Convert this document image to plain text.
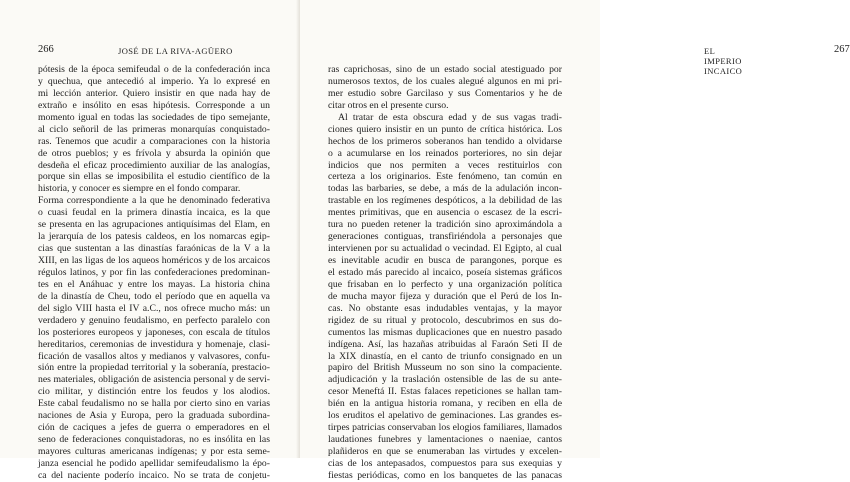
266	JOSÉ DE LA RIVA-AGÜERO
pótesis de la época semifeudal o de la confederación inca
y quechua, que antecedió al imperio. Ya lo expresé en
mi lección anterior. Quiero insistir en que nada hay de
extraño e insólito en esas hipótesis. Corresponde a un
momento igual en todas las sociedades de tipo semejante,
al ciclo señoril de las primeras monarquías conquistado-
ras. Tenemos que acudir a comparaciones con la historia
de otros pueblos; y es frívola y absurda la opinión que
desdeña el eficaz procedimiento auxiliar de las analogías,
porque sin ellas se imposibilita el estudio científico de la
historia, y conocer es siempre en el fondo comparar.
Forma correspondiente a la que he denominado federativa
o cuasi feudal en la primera dinastía incaica, es la que
se presenta en las agrupaciones antiquísimas del Elam, en
la jerarquía de los patesis caldeos, en los nomarcas egip-
cias que sustentan a las dinastías faraónicas de la V a la
XIII, en las ligas de los aqueos homéricos y de los arcaicos
régulos latinos, y por fin las confederaciones predominan-
tes en el Anáhuac y entre los mayas. La historia china
de la dinastía de Cheu, todo el período que en aquella va
del siglo VIII hasta el IV a.C., nos ofrece mucho más: un
verdadero y genuino feudalismo, en perfecto paralelo con
los posteriores europeos y japoneses, con escala de títulos
hereditarios, ceremonias de investidura y homenaje, clasi-
ficación de vasallos altos y medianos y valvasores, confu-
sión entre la propiedad territorial y la soberanía, prestacio-
nes materiales, obligación de asistencia personal y de servi-
cio militar, y distinción entre los feudos y los alodios.
Este cabal feudalismo no se halla por cierto sino en varias
naciones de Asia y Europa, pero la graduada subordina-
ción de caciques a jefes de guerra o emperadores en el
seno de federaciones conquistadoras, no es insólita en las
mayores culturas americanas indígenas; y por esta seme-
janza esencial he podido apellidar semifeudalismo la épo-
ca del naciente poderío incaico. No se trata de conjetu-
EL IMPERIO INCAICO
267
ras caprichosas, sino de un estado social atestiguado por
numerosos textos, de los cuales alegué algunos en mi pri-
mer estudio sobre Garcilaso y sus Comentarios y he de
citar otros en el presente curso.
Al tratar de esta obscura edad y de sus vagas tradi-
ciones quiero insistir en un punto de crítica histórica. Los
hechos de los primeros soberanos han tendido a olvidarse
o a acumularse en los reinados porteriores, no sin dejar
indicios que nos permiten a veces restituirlos con
certeza a los originarios. Este fenómeno, tan común en
todas las barbaries, se debe, a más de la adulación incon-
trastable en los regímenes despóticos, a la debilidad de las
mentes primitivas, que en ausencia o escasez de la escri-
tura no pueden retener la tradición sino aproximándola a
generaciones contiguas, transfiriéndola a personajes que
intervienen por su actualidad o vecindad. El Egipto, al cual
es inevitable acudir en busca de parangones, porque es
el estado más parecido al incaico, poseía sistemas gráficos
que frisaban en lo perfecto y una organización política
de mucha mayor fijeza y duración que el Perú de los In-
cas. No obstante esas indudables ventajas, y la mayor
rigidez de su ritual y protocolo, descubrimos en sus do-
cumentos las mismas duplicaciones que en nuestro pasado
indígena. Así, las hazañas atribuidas al Faraón Seti II de
la XIX dinastía, en el canto de triunfo consignado en un
papiro del British Musseum no son sino la compaciente.
adjudicación y la traslación ostensible de las de su ante-
cesor Meneftá II. Estas falaces repeticiones se hallan tam-
bién en la antigua historia romana, y reciben en ella de
los eruditos el apelativo de geminaciones. Las grandes es-
tirpes patricias conservaban los elogios familiares, llamados
laudationes funebres y lamentaciones o naeniae, cantos
plañideros en que se enumeraban las virtudes y excelen-
cias de los antepasados, compuestos para sus exequias y
fiestas periódicas, como en los banquetes de las panacas
